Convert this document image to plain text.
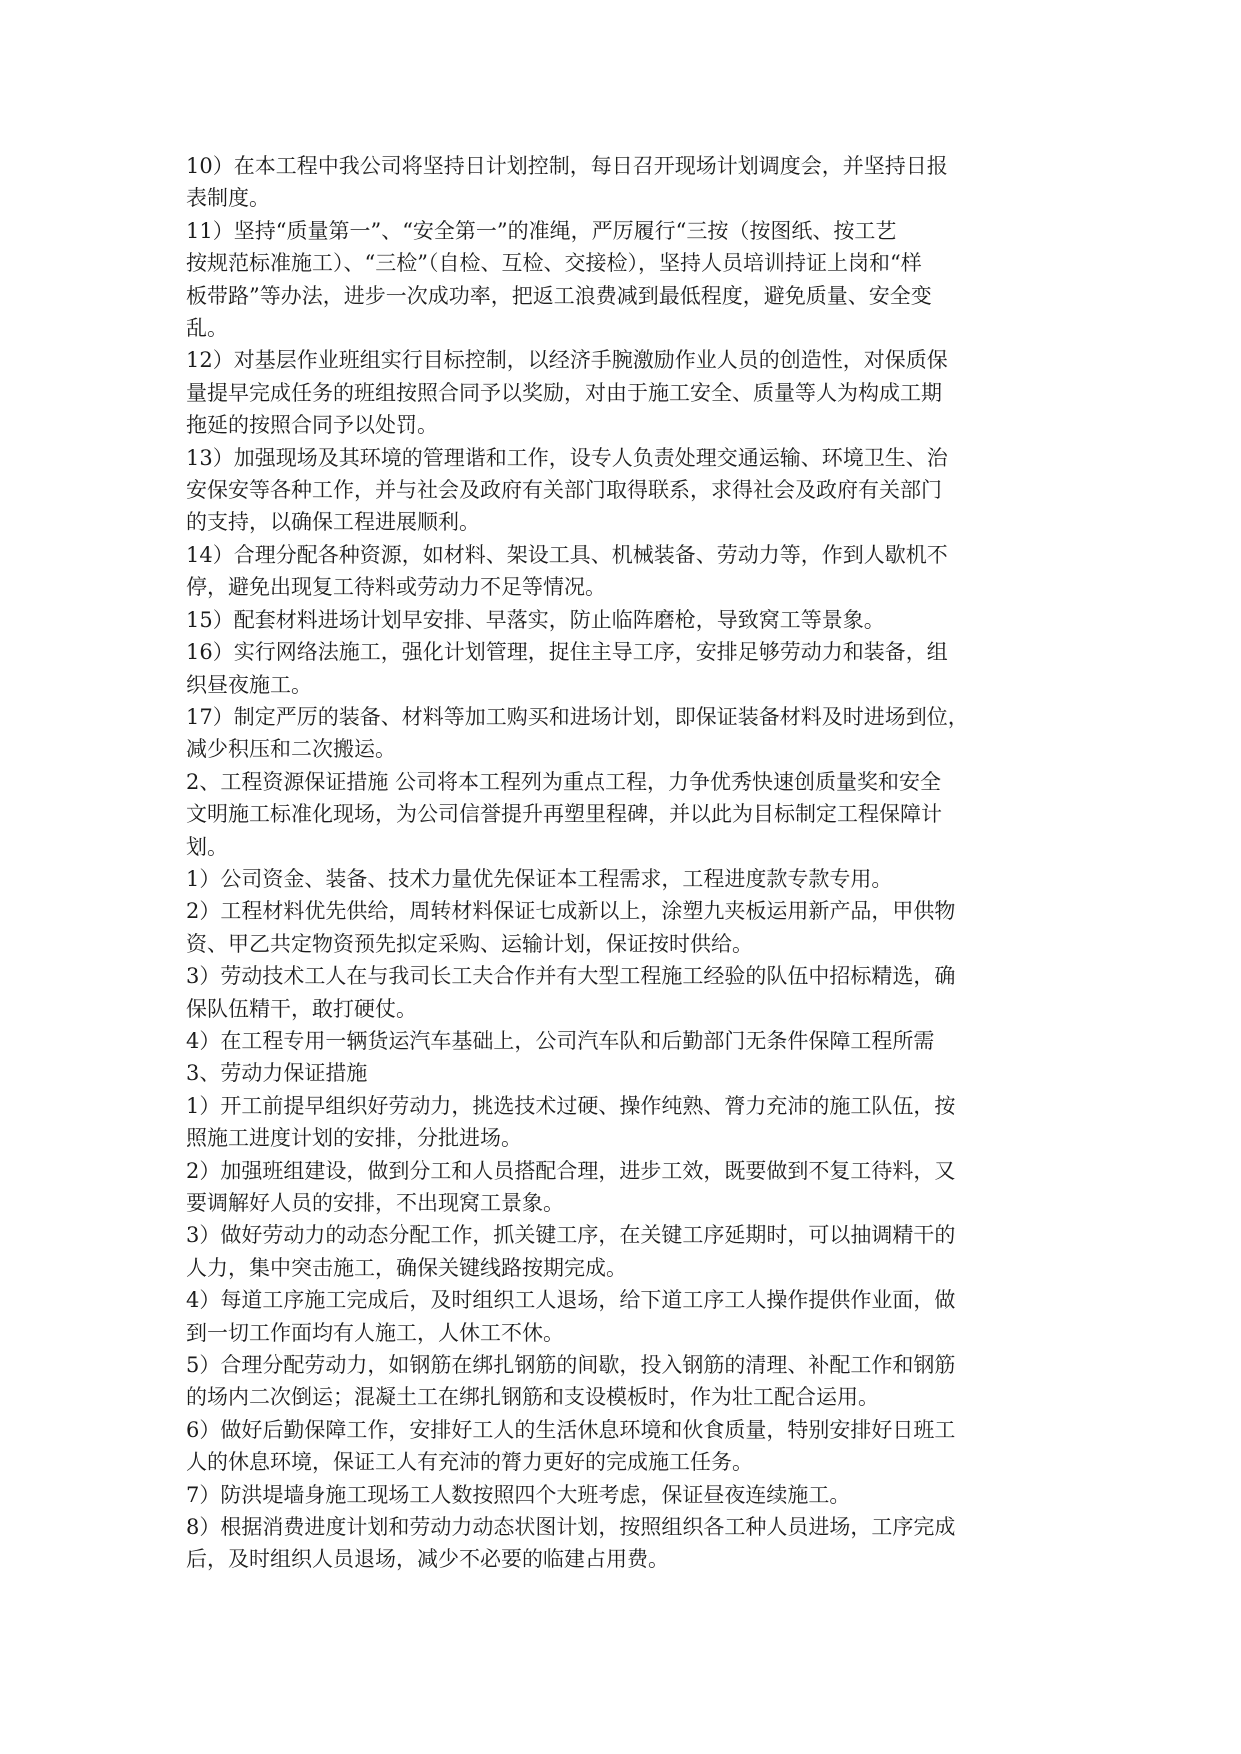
10）在本工程中我公司将坚持日计划控制，每日召开现场计划调度会，并坚持日报
表制度。

11）坚持“质量第一”、“安全第一”的准绳，严厉履行“三按（按图纸、按工艺
按规范标准施工）、“三检”（自检、互检、交接检），坚持人员培训持证上岗和“样
板带路”等办法，进步一次成功率，把返工浪费减到最低程度，避免质量、安全变
乱。

12）对基层作业班组实行目标控制，以经济手腕激励作业人员的创造性，对保质保
量提早完成任务的班组按照合同予以奖励，对由于施工安全、质量等人为构成工期
拖延的按照合同予以处罚。

13）加强现场及其环境的管理谐和工作，设专人负责处理交通运输、环境卫生、治
安保安等各种工作，并与社会及政府有关部门取得联系，求得社会及政府有关部门
的支持，以确保工程进展顺利。

14）合理分配各种资源，如材料、架设工具、机械装备、劳动力等，作到人歇机不
停，避免出现复工待料或劳动力不足等情况。

15）配套材料进场计划早安排、早落实，防止临阵磨枪，导致窝工等景象。

16）实行网络法施工，强化计划管理，捉住主导工序，安排足够劳动力和装备，组
织昼夜施工。

17）制定严厉的装备、材料等加工购买和进场计划，即保证装备材料及时进场到位，
减少积压和二次搬运。

2、工程资源保证措施 公司将本工程列为重点工程，力争优秀快速创质量奖和安全
文明施工标准化现场，为公司信誉提升再塑里程碑，并以此为目标制定工程保障计
划。

1）公司资金、装备、技术力量优先保证本工程需求，工程进度款专款专用。

2）工程材料优先供给，周转材料保证七成新以上，涂塑九夹板运用新产品，甲供物
资、甲乙共定物资预先拟定采购、运输计划，保证按时供给。

3）劳动技术工人在与我司长工夫合作并有大型工程施工经验的队伍中招标精选，确
保队伍精干，敢打硬仗。

4）在工程专用一辆货运汽车基础上，公司汽车队和后勤部门无条件保障工程所需

3、劳动力保证措施

1）开工前提早组织好劳动力，挑选技术过硬、操作纯熟、膂力充沛的施工队伍，按
照施工进度计划的安排，分批进场。

2）加强班组建设，做到分工和人员搭配合理，进步工效，既要做到不复工待料，又
要调解好人员的安排，不出现窝工景象。

3）做好劳动力的动态分配工作，抓关键工序，在关键工序延期时，可以抽调精干的
人力，集中突击施工，确保关键线路按期完成。

4）每道工序施工完成后，及时组织工人退场，给下道工序工人操作提供作业面，做
到一切工作面均有人施工，人休工不休。

5）合理分配劳动力，如钢筋在绑扎钢筋的间歇，投入钢筋的清理、补配工作和钢筋
的场内二次倒运；混凝土工在绑扎钢筋和支设模板时，作为壮工配合运用。

6）做好后勤保障工作，安排好工人的生活休息环境和伙食质量，特别安排好日班工
人的休息环境，保证工人有充沛的膂力更好的完成施工任务。

7）防洪堤墙身施工现场工人数按照四个大班考虑，保证昼夜连续施工。

8）根据消费进度计划和劳动力动态状图计划，按照组织各工种人员进场，工序完成
后，及时组织人员退场，减少不必要的临建占用费。
